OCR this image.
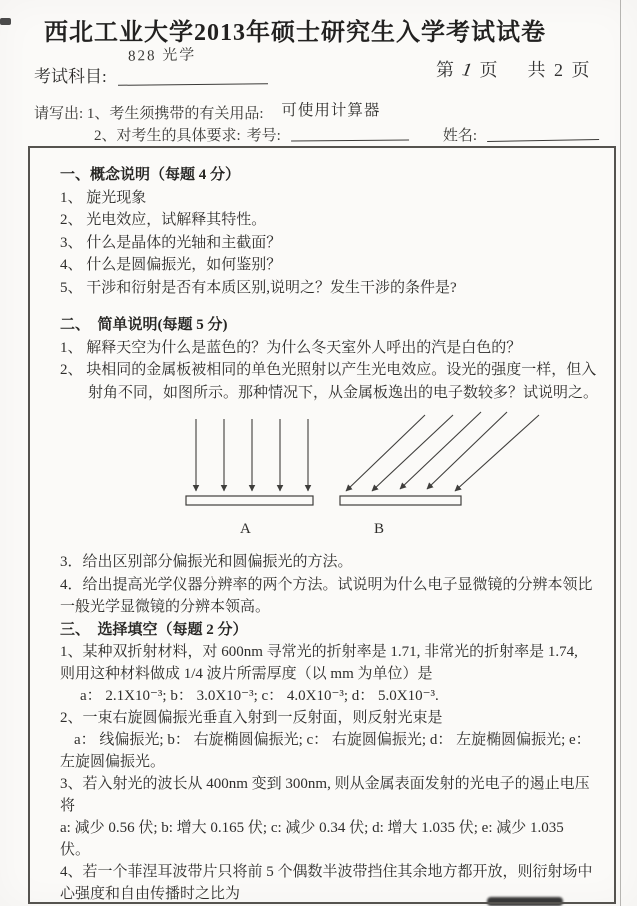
西北工业大学2013年硕士研究生入学考试试卷
考试科目:
828 光学
第 1 页 共 2 页
请写出: 1、考生须携带的有关用品: 可使用计算器
2、对考生的具体要求: 考号:	姓名:
一、概念说明（每题 4 分）
1、 旋光现象
2、 光电效应，试解释其特性。
3、 什么是晶体的光轴和主截面？
4、 什么是圆偏振光，如何鉴别？
5、 干涉和衍射是否有本质区别,说明之？发生干涉的条件是?
二、　简单说明(每题 5 分)
1、 解释天空为什么是蓝色的？为什么冬天室外人呼出的汽是白色的？
2、 块相同的金属板被相同的单色光照射以产生光电效应。设光的强度一样，但入
射角不同，如图所示。那种情况下，从金属板逸出的电子数较多？试说明之。
A	B
3．给出区别部分偏振光和圆偏振光的方法。
4．给出提高光学仪器分辨率的两个方法。试说明为什么电子显微镜的分辨本领比
一般光学显微镜的分辨本领高。
三、　选择填空（每题 2 分）
1、某种双折射材料，对 600nm 寻常光的折射率是 1.71, 非常光的折射率是 1.74,
则用这种材料做成 1/4 波片所需厚度（以 mm 为单位）是
a： 2.1X10⁻³; b： 3.0X10⁻³; c： 4.0X10⁻³; d： 5.0X10⁻³.
2、一束右旋圆偏振光垂直入射到一反射面，则反射光束是
a： 线偏振光; b： 右旋椭圆偏振光; c： 右旋圆偏振光; d： 左旋椭圆偏振光; e：
左旋圆偏振光。
3、若入射光的波长从 400nm 变到 300nm, 则从金属表面发射的光电子的遏止电压
将
a: 减少 0.56 伏; b: 增大 0.165 伏; c: 减少 0.34 伏; d: 增大 1.035 伏; e: 减少 1.035
伏。
4、若一个菲涅耳波带片只将前 5 个偶数半波带挡住其余地方都开放，则衍射场中
心强度和自由传播时之比为
